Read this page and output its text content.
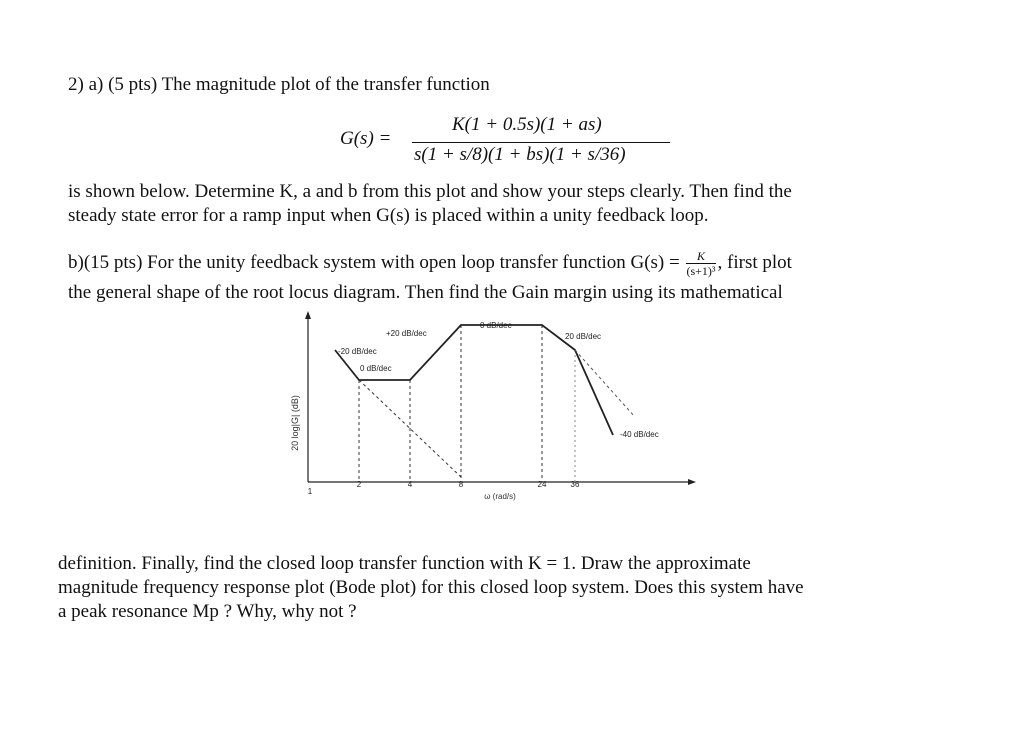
2) a) (5 pts) The magnitude plot of the transfer function
G(s) =
K(1 + 0.5s)(1 + as)
s(1 + s/8)(1 + bs)(1 + s/36)
is shown below. Determine K, a and b from this plot and show your steps clearly. Then find the
steady state error for a ramp input when G(s) is placed within a unity feedback loop.
b)(15 pts) For the unity feedback system with open loop transfer function $G(s) = \frac{K}{\text{(s+1)³}}$ , first plot
the general shape of the root locus diagram. Then find the Gain margin using its mathematical
20 log|G| (dB)
1
2	4	8	24	36
ω (rad/s)
+20 dB/dec
-20 dB/dec
0 dB/dec
0 dB/dec
20 dB/dec
-40 dB/dec
definition. Finally, find the closed loop transfer function with K = 1. Draw the approximate
magnitude frequency response plot (Bode plot) for this closed loop system. Does this system have
a peak resonance Mp ? Why, why not ?
